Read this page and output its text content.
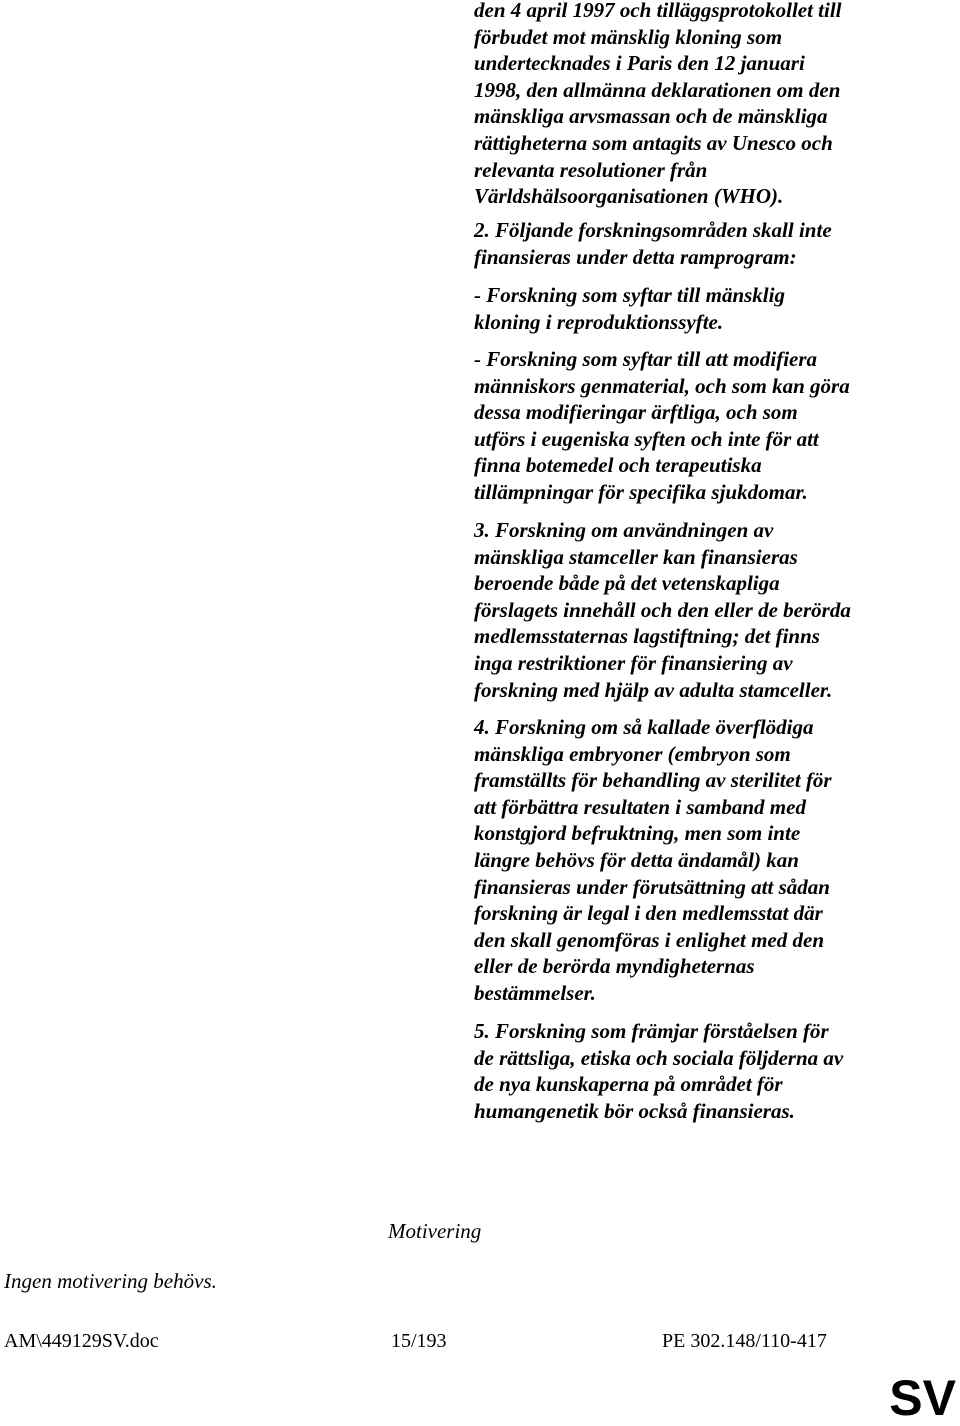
den 4 april 1997 och tilläggsprotokollet till
förbudet mot mänsklig kloning som
undertecknades i Paris den 12 januari
1998, den allmänna deklarationen om den
mänskliga arvsmassan och de mänskliga
rättigheterna som antagits av Unesco och
relevanta resolutioner från
Världshälsoorganisationen (WHO).

2. Följande forskningsområden skall inte
finansieras under detta ramprogram:

- Forskning som syftar till mänsklig
kloning i reproduktionssyfte.

- Forskning som syftar till att modifiera
människors genmaterial, och som kan göra
dessa modifieringar ärftliga, och som
utförs i eugeniska syften och inte för att
finna botemedel och terapeutiska
tillämpningar för specifika sjukdomar.

3. Forskning om användningen av
mänskliga stamceller kan finansieras
beroende både på det vetenskapliga
förslagets innehåll och den eller de berörda
medlemsstaternas lagstiftning; det finns
inga restriktioner för finansiering av
forskning med hjälp av adulta stamceller.

4. Forskning om så kallade överflödiga
mänskliga embryoner (embryon som
framställts för behandling av sterilitet för
att förbättra resultaten i samband med
konstgjord befruktning, men som inte
längre behövs för detta ändamål) kan
finansieras under förutsättning att sådan
forskning är legal i den medlemsstat där
den skall genomföras i enlighet med den
eller de berörda myndigheternas
bestämmelser.

5. Forskning som främjar förståelsen för
de rättsliga, etiska och sociala följderna av
de nya kunskaperna på området för
humangenetik bör också finansieras.

Motivering
Ingen motivering behövs.
AM\449129SV.doc	15/193	PE 302.148/110-417
SV
